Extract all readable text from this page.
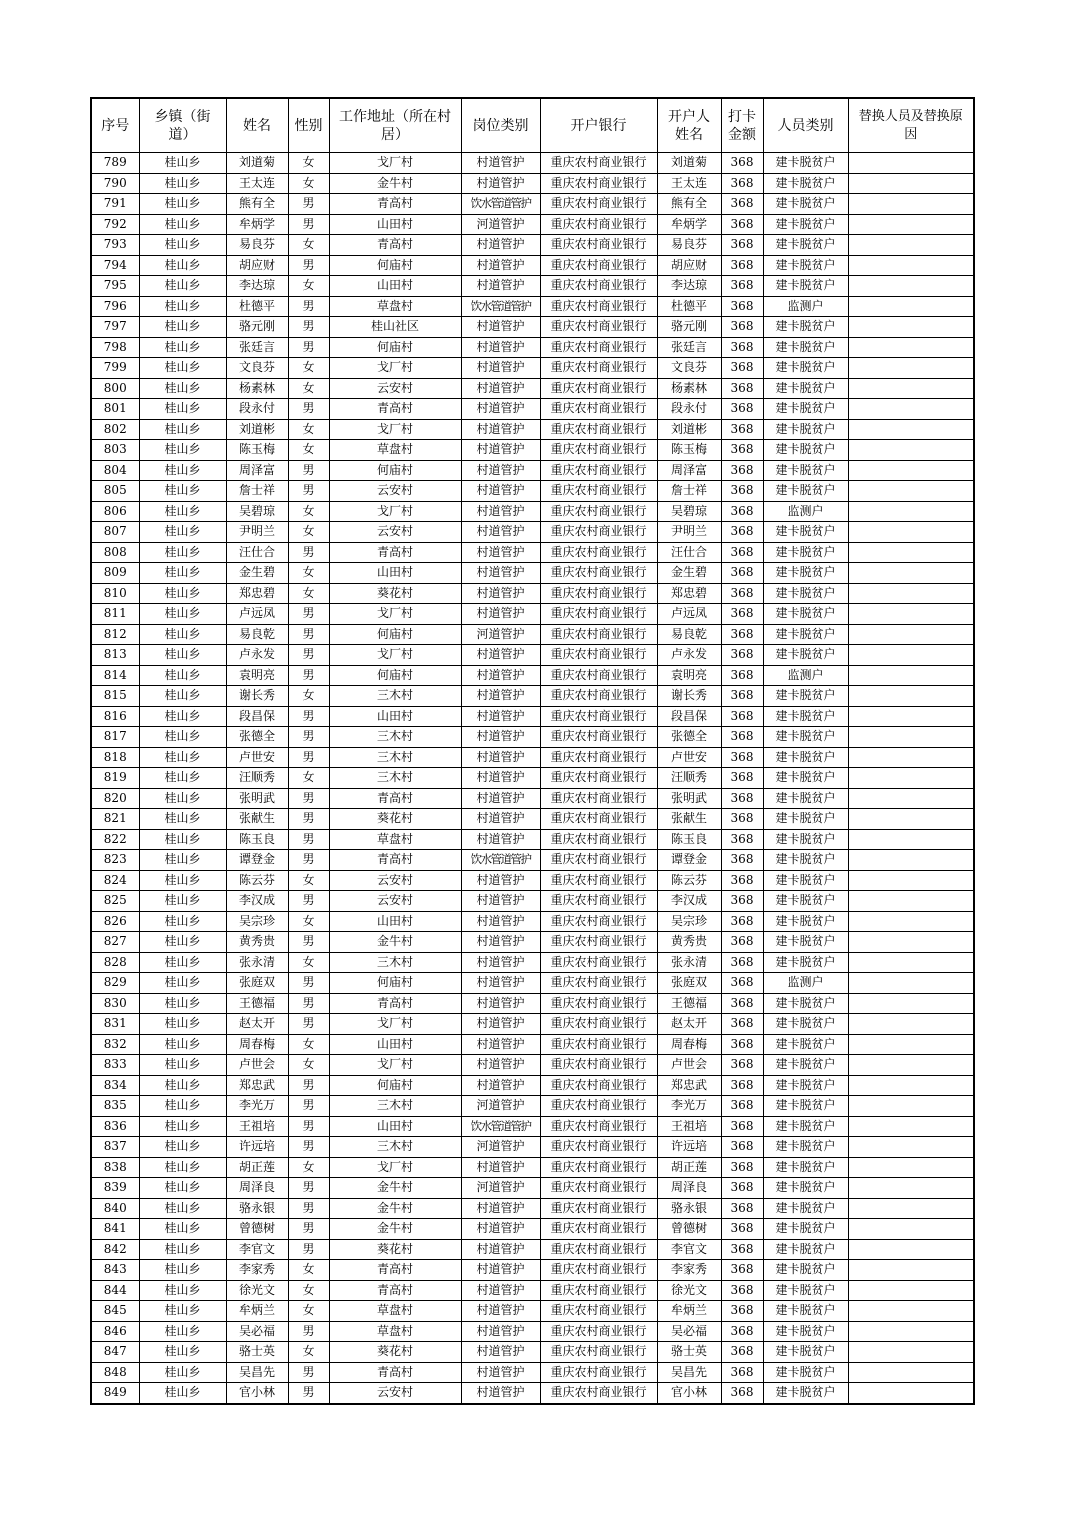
序号	乡镇（街道）	姓名	性别	工作地址（所在村居）	岗位类别	开户银行	开户人姓名	打卡金额	人员类别	替换人员及替换原因
789	桂山乡	刘道菊	女	戈厂村	村道管护	重庆农村商业银行	刘道菊	368	建卡脱贫户	
790	桂山乡	王太连	女	金牛村	村道管护	重庆农村商业银行	王太连	368	建卡脱贫户	
791	桂山乡	熊有全	男	青高村	饮水管道管护	重庆农村商业银行	熊有全	368	建卡脱贫户	
792	桂山乡	牟炳学	男	山田村	河道管护	重庆农村商业银行	牟炳学	368	建卡脱贫户	
793	桂山乡	易良芬	女	青高村	村道管护	重庆农村商业银行	易良芬	368	建卡脱贫户	
794	桂山乡	胡应财	男	何庙村	村道管护	重庆农村商业银行	胡应财	368	建卡脱贫户	
795	桂山乡	李达琼	女	山田村	村道管护	重庆农村商业银行	李达琼	368	建卡脱贫户	
796	桂山乡	杜德平	男	草盘村	饮水管道管护	重庆农村商业银行	杜德平	368	监测户	
797	桂山乡	骆元刚	男	桂山社区	村道管护	重庆农村商业银行	骆元刚	368	建卡脱贫户	
798	桂山乡	张廷言	男	何庙村	村道管护	重庆农村商业银行	张廷言	368	建卡脱贫户	
799	桂山乡	文良芬	女	戈厂村	村道管护	重庆农村商业银行	文良芬	368	建卡脱贫户	
800	桂山乡	杨素林	女	云安村	村道管护	重庆农村商业银行	杨素林	368	建卡脱贫户	
801	桂山乡	段永付	男	青高村	村道管护	重庆农村商业银行	段永付	368	建卡脱贫户	
802	桂山乡	刘道彬	女	戈厂村	村道管护	重庆农村商业银行	刘道彬	368	建卡脱贫户	
803	桂山乡	陈玉梅	女	草盘村	村道管护	重庆农村商业银行	陈玉梅	368	建卡脱贫户	
804	桂山乡	周泽富	男	何庙村	村道管护	重庆农村商业银行	周泽富	368	建卡脱贫户	
805	桂山乡	詹士祥	男	云安村	村道管护	重庆农村商业银行	詹士祥	368	建卡脱贫户	
806	桂山乡	吴碧琼	女	戈厂村	村道管护	重庆农村商业银行	吴碧琼	368	监测户	
807	桂山乡	尹明兰	女	云安村	村道管护	重庆农村商业银行	尹明兰	368	建卡脱贫户	
808	桂山乡	汪仕合	男	青高村	村道管护	重庆农村商业银行	汪仕合	368	建卡脱贫户	
809	桂山乡	金生碧	女	山田村	村道管护	重庆农村商业银行	金生碧	368	建卡脱贫户	
810	桂山乡	郑忠碧	女	葵花村	村道管护	重庆农村商业银行	郑忠碧	368	建卡脱贫户	
811	桂山乡	卢远凤	男	戈厂村	村道管护	重庆农村商业银行	卢远凤	368	建卡脱贫户	
812	桂山乡	易良乾	男	何庙村	河道管护	重庆农村商业银行	易良乾	368	建卡脱贫户	
813	桂山乡	卢永发	男	戈厂村	村道管护	重庆农村商业银行	卢永发	368	建卡脱贫户	
814	桂山乡	袁明亮	男	何庙村	村道管护	重庆农村商业银行	袁明亮	368	监测户	
815	桂山乡	谢长秀	女	三木村	村道管护	重庆农村商业银行	谢长秀	368	建卡脱贫户	
816	桂山乡	段昌保	男	山田村	村道管护	重庆农村商业银行	段昌保	368	建卡脱贫户	
817	桂山乡	张德全	男	三木村	村道管护	重庆农村商业银行	张德全	368	建卡脱贫户	
818	桂山乡	卢世安	男	三木村	村道管护	重庆农村商业银行	卢世安	368	建卡脱贫户	
819	桂山乡	汪顺秀	女	三木村	村道管护	重庆农村商业银行	汪顺秀	368	建卡脱贫户	
820	桂山乡	张明武	男	青高村	村道管护	重庆农村商业银行	张明武	368	建卡脱贫户	
821	桂山乡	张献生	男	葵花村	村道管护	重庆农村商业银行	张献生	368	建卡脱贫户	
822	桂山乡	陈玉良	男	草盘村	村道管护	重庆农村商业银行	陈玉良	368	建卡脱贫户	
823	桂山乡	谭登金	男	青高村	饮水管道管护	重庆农村商业银行	谭登金	368	建卡脱贫户	
824	桂山乡	陈云芬	女	云安村	村道管护	重庆农村商业银行	陈云芬	368	建卡脱贫户	
825	桂山乡	李汉成	男	云安村	村道管护	重庆农村商业银行	李汉成	368	建卡脱贫户	
826	桂山乡	吴宗珍	女	山田村	村道管护	重庆农村商业银行	吴宗珍	368	建卡脱贫户	
827	桂山乡	黄秀贵	男	金牛村	村道管护	重庆农村商业银行	黄秀贵	368	建卡脱贫户	
828	桂山乡	张永清	女	三木村	村道管护	重庆农村商业银行	张永清	368	建卡脱贫户	
829	桂山乡	张庭双	男	何庙村	村道管护	重庆农村商业银行	张庭双	368	监测户	
830	桂山乡	王德福	男	青高村	村道管护	重庆农村商业银行	王德福	368	建卡脱贫户	
831	桂山乡	赵太开	男	戈厂村	村道管护	重庆农村商业银行	赵太开	368	建卡脱贫户	
832	桂山乡	周春梅	女	山田村	村道管护	重庆农村商业银行	周春梅	368	建卡脱贫户	
833	桂山乡	卢世会	女	戈厂村	村道管护	重庆农村商业银行	卢世会	368	建卡脱贫户	
834	桂山乡	郑忠武	男	何庙村	村道管护	重庆农村商业银行	郑忠武	368	建卡脱贫户	
835	桂山乡	李光万	男	三木村	河道管护	重庆农村商业银行	李光万	368	建卡脱贫户	
836	桂山乡	王祖培	男	山田村	饮水管道管护	重庆农村商业银行	王祖培	368	建卡脱贫户	
837	桂山乡	许远培	男	三木村	河道管护	重庆农村商业银行	许远培	368	建卡脱贫户	
838	桂山乡	胡正莲	女	戈厂村	村道管护	重庆农村商业银行	胡正莲	368	建卡脱贫户	
839	桂山乡	周泽良	男	金牛村	河道管护	重庆农村商业银行	周泽良	368	建卡脱贫户	
840	桂山乡	骆永银	男	金牛村	村道管护	重庆农村商业银行	骆永银	368	建卡脱贫户	
841	桂山乡	曾德树	男	金牛村	村道管护	重庆农村商业银行	曾德树	368	建卡脱贫户	
842	桂山乡	李官文	男	葵花村	村道管护	重庆农村商业银行	李官文	368	建卡脱贫户	
843	桂山乡	李家秀	女	青高村	村道管护	重庆农村商业银行	李家秀	368	建卡脱贫户	
844	桂山乡	徐光文	女	青高村	村道管护	重庆农村商业银行	徐光文	368	建卡脱贫户	
845	桂山乡	牟炳兰	女	草盘村	村道管护	重庆农村商业银行	牟炳兰	368	建卡脱贫户	
846	桂山乡	吴必福	男	草盘村	村道管护	重庆农村商业银行	吴必福	368	建卡脱贫户	
847	桂山乡	骆士英	女	葵花村	村道管护	重庆农村商业银行	骆士英	368	建卡脱贫户	
848	桂山乡	吴昌先	男	青高村	村道管护	重庆农村商业银行	吴昌先	368	建卡脱贫户	
849	桂山乡	官小林	男	云安村	村道管护	重庆农村商业银行	官小林	368	建卡脱贫户	
